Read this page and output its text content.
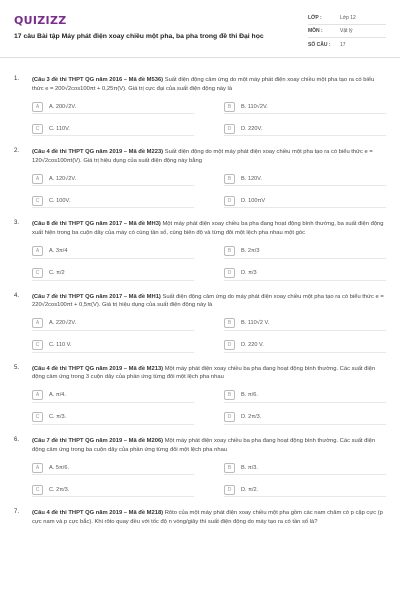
QUIZIZZ
17 câu Bài tập Máy phát điện xoay chiều một pha, ba pha trong đề thi Đại học
LỚP :	Lớp 12
MÔN :	Vật lý
SỐ CÂU :	17
1.	(Câu 3 đề thi THPT QG năm 2016 – Mã đề M536) Suất điện động cảm ứng do một máy phát điện xoay chiều một pha tạo ra có biểu thức e = 200√2cos100πt + 0,25π(V). Giá trị cực đại của suất điện động này là
A	A. 200√2V.	B	B. 110√2V.
C	C. 110V.	D	D. 220V.
2.	(Câu 4 đề thi THPT QG năm 2019 – Mã đề M223) Suất điện động do một máy phát điện xoay chiều một pha tạo ra có biểu thức e = 120√2cos100πt(V). Giá trị hiệu dụng của suất điện động này bằng
A	A. 120√2V.	B	B. 120V.
C	C. 100V.	D	D. 100πV
3.	(Câu 8 đề thi THPT QG năm 2017 – Mã đề MH3) Một máy phát điện xoay chiều ba pha đang hoạt động bình thường, ba suất điện động xuất hiện trong ba cuộn dây của máy có cùng tần số, cùng biên độ và từng đôi một lệch pha nhau một góc
A	A. 3π/4	B	B. 2π/3
C	C. π/2	D	D. π/3
4.	(Câu 7 đề thi THPT QG năm 2017 – Mã đề MH1) Suất điện động cảm ứng do máy phát điện xoay chiều một pha tạo ra có biểu thức e = 220√2cos100πt + 0,5π(V). Giá trị hiệu dụng của suất điện động này là
A	A. 220√2V.	B	B. 110√2 V.
C	C. 110 V.	D	D. 220 V.
5.	(Câu 4 đề thi THPT QG năm 2019 – Mã đề M213) Một máy phát điện xoay chiều ba pha đang hoạt động bình thường. Các suất điện động cảm ứng trong 3 cuộn dây của phần ứng từng đôi một lệch pha nhau
A	A. π/4.	B	B. π/6.
C	C. π/3.	D	D. 2π/3.
6.	(Câu 7 đề thi THPT QG năm 2019 – Mã đề M206) Một máy phát điện xoay chiều ba pha đang hoạt động bình thường. Các suất điện động cảm ứng trong ba cuộn dây của phần ứng từng đôi một lệch pha nhau
A	A. 5π/6.	B	B. π/3.
C	C. 2π/3.	D	D. π/2.
7.	(Câu 4 đề thi THPT QG năm 2019 – Mã đề M218) Rôto của một máy phát điện xoay chiều một pha gồm các nam châm có p cặp cực (p cực nam và p cực bắc). Khi rôto quay đều với tốc độ n vòng/giây thì suất điện động do máy tạo ra có tần số là?
